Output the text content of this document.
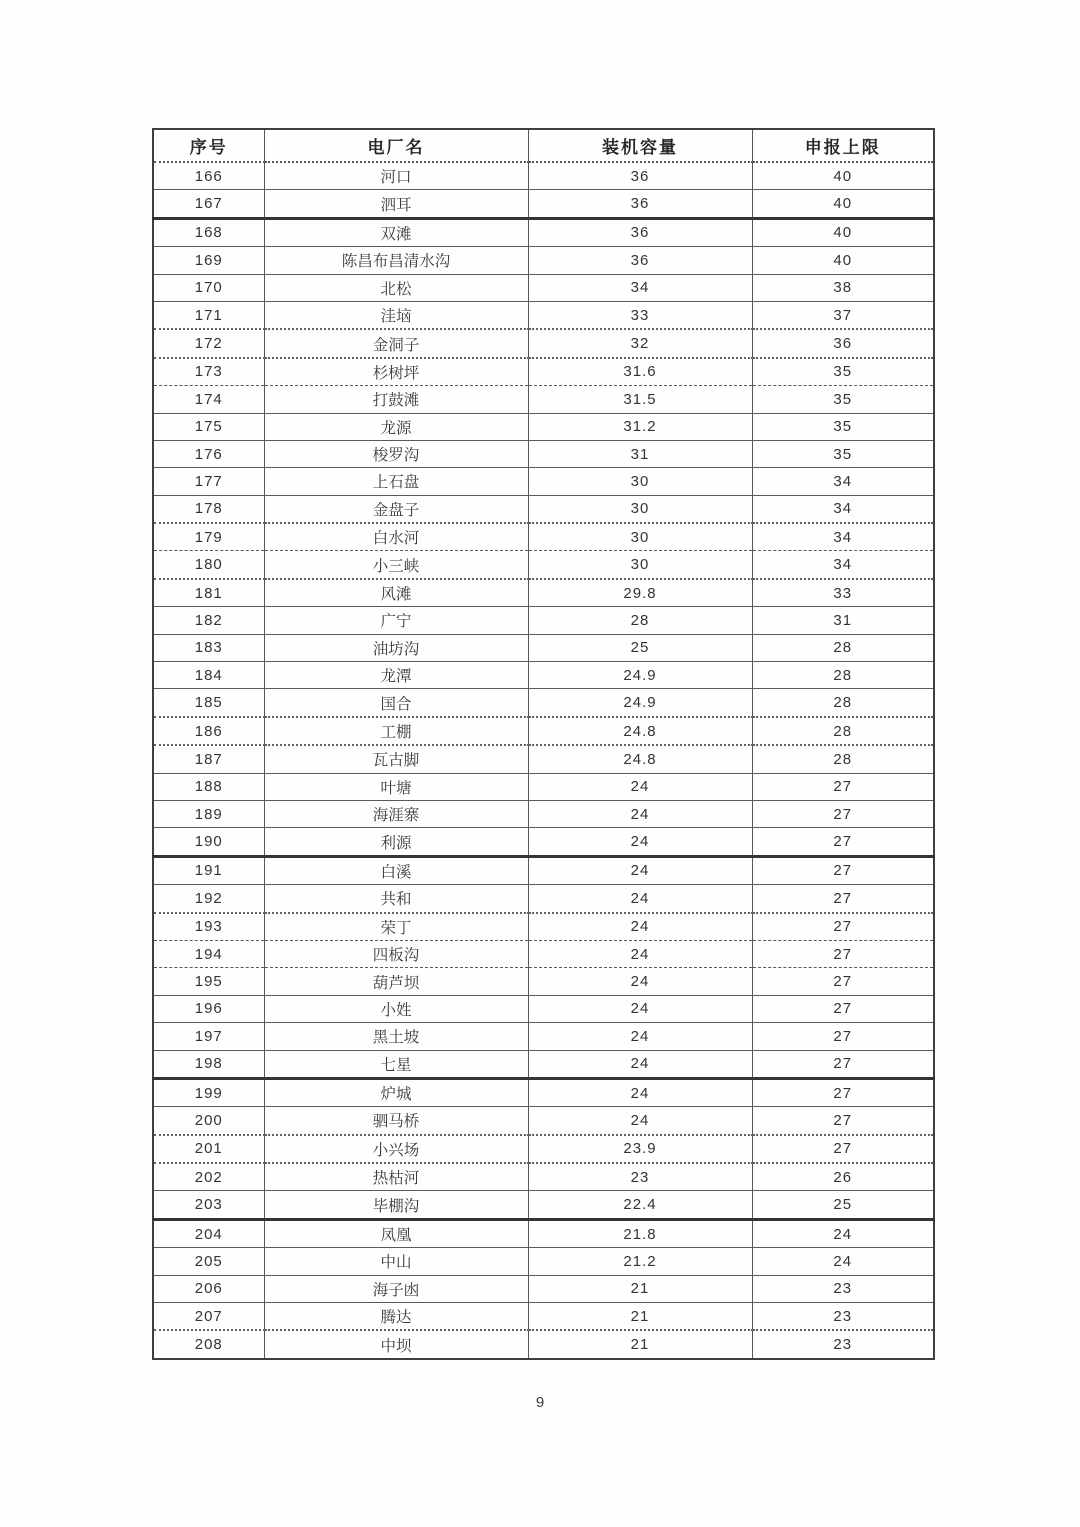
序号	电厂名	装机容量	申报上限
166	河口	36	40
167	泗耳	36	40
168	双滩	36	40
169	陈昌布昌清水沟	36	40
170	北松	34	38
171	洼垴	33	37
172	金洞子	32	36
173	杉树坪	31.6	35
174	打鼓滩	31.5	35
175	龙源	31.2	35
176	梭罗沟	31	35
177	上石盘	30	34
178	金盘子	30	34
179	白水河	30	34
180	小三峡	30	34
181	风滩	29.8	33
182	广宁	28	31
183	油坊沟	25	28
184	龙潭	24.9	28
185	国合	24.9	28
186	工棚	24.8	28
187	瓦古脚	24.8	28
188	叶塘	24	27
189	海涯寨	24	27
190	利源	24	27
191	白溪	24	27
192	共和	24	27
193	荣丁	24	27
194	四板沟	24	27
195	葫芦坝	24	27
196	小姓	24	27
197	黑土坡	24	27
198	七星	24	27
199	炉城	24	27
200	驷马桥	24	27
201	小兴场	23.9	27
202	热枯河	23	26
203	毕棚沟	22.4	25
204	凤凰	21.8	24
205	中山	21.2	24
206	海子凼	21	23
207	腾达	21	23
208	中坝	21	23
9
